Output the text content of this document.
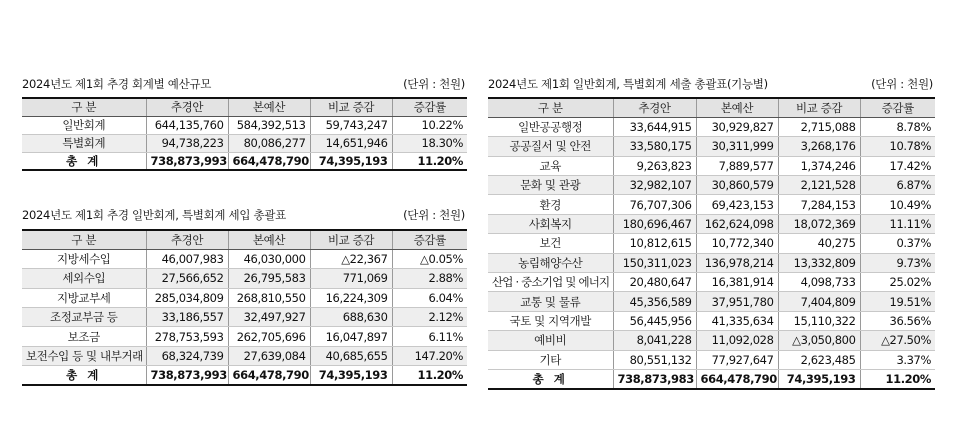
2024년도 제1회 추경 회계별 예산규모	(단위 : 천원)
구 분	추경안	본예산	비교 증감	증감률
일반회계	644,135,760	584,392,513	59,743,247	10.22%
특별회계	94,738,223	80,086,277	14,651,946	18.30%
총 계	738,873,993	664,478,790	74,395,193	11.20%
2024년도 제1회 추경 일반회계, 특별회계 세입 총괄표	(단위 : 천원)
구 분	추경안	본예산	비교 증감	증감률
지방세수입	46,007,983	46,030,000	△22,367	△0.05%
세외수입	27,566,652	26,795,583	771,069	2.88%
지방교부세	285,034,809	268,810,550	16,224,309	6.04%
조정교부금 등	33,186,557	32,497,927	688,630	2.12%
보조금	278,753,593	262,705,696	16,047,897	6.11%
보전수입 등 및 내부거래	68,324,739	27,639,084	40,685,655	147.20%
총 계	738,873,993	664,478,790	74,395,193	11.20%
2024년도 제1회 일반회계, 특별회계 세출 총괄표(기능별)	(단위 : 천원)
구 분	추경안	본예산	비교 증감	증감률
일반공공행정	33,644,915	30,929,827	2,715,088	8.78%
공공질서 및 안전	33,580,175	30,311,999	3,268,176	10.78%
교육	9,263,823	7,889,577	1,374,246	17.42%
문화 및 관광	32,982,107	30,860,579	2,121,528	6.87%
환경	76,707,306	69,423,153	7,284,153	10.49%
사회복지	180,696,467	162,624,098	18,072,369	11.11%
보건	10,812,615	10,772,340	40,275	0.37%
농림해양수산	150,311,023	136,978,214	13,332,809	9.73%
산업 · 중소기업 및 에너지	20,480,647	16,381,914	4,098,733	25.02%
교통 및 물류	45,356,589	37,951,780	7,404,809	19.51%
국토 및 지역개발	56,445,956	41,335,634	15,110,322	36.56%
예비비	8,041,228	11,092,028	△3,050,800	△27.50%
기타	80,551,132	77,927,647	2,623,485	3.37%
총 계	738,873,983	664,478,790	74,395,193	11.20%
